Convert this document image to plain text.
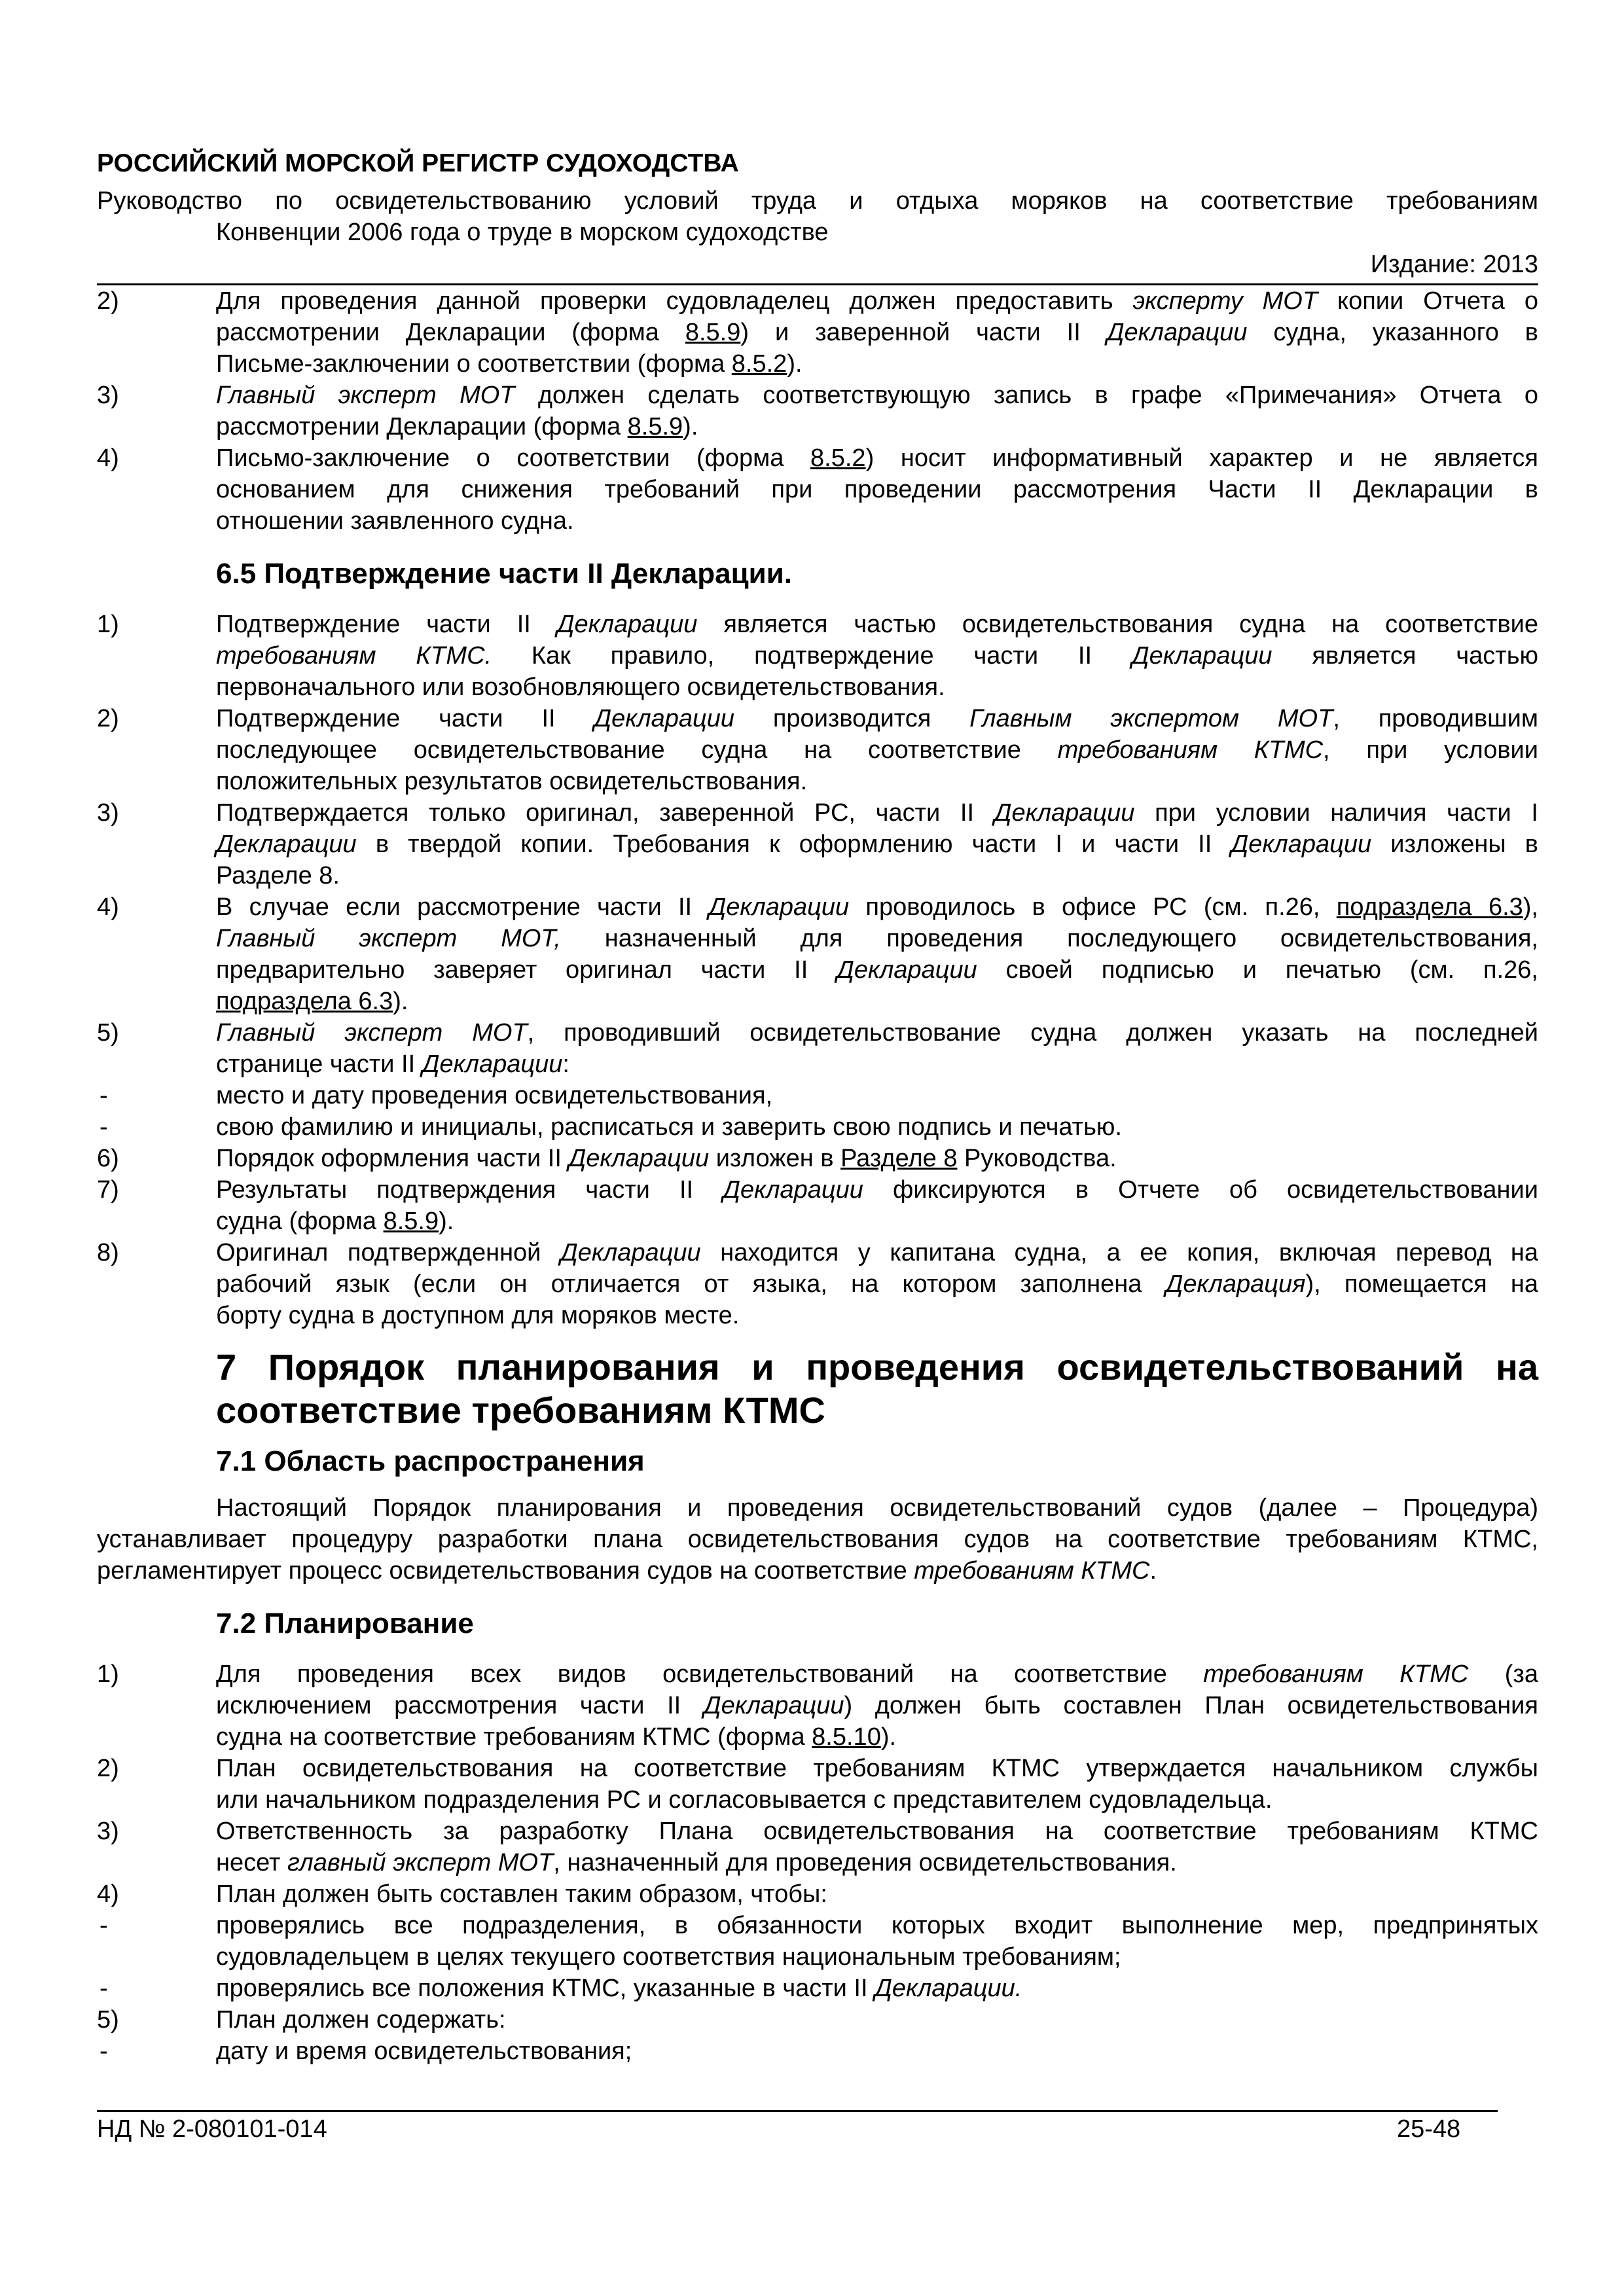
РОССИЙСКИЙ МОРСКОЙ РЕГИСТР СУДОХОДСТВА
Руководство по освидетельствованию условий труда и отдыха моряков на соответствие требованиям
Конвенции 2006 года о труде в морском судоходстве
Издание: 2013
2)	Для проведения данной проверки судовладелец должен предоставить эксперту МОТ копии Отчета о
рассмотрении Декларации (форма 8.5.9) и заверенной части II Декларации судна, указанного в
Письме-заключении о соответствии (форма 8.5.2).
3)	Главный эксперт МОТ должен сделать соответствующую запись в графе «Примечания» Отчета о
рассмотрении Декларации (форма 8.5.9).
4)	Письмо-заключение о соответствии (форма 8.5.2) носит информативный характер и не является
основанием для снижения требований при проведении рассмотрения Части II Декларации в
отношении заявленного судна.
6.5 Подтверждение части II Декларации.
1)	Подтверждение части II Декларации является частью освидетельствования судна на соответствие
требованиям КТМС. Как правило, подтверждение части II Декларации является частью
первоначального или возобновляющего освидетельствования.
2)	Подтверждение части II Декларации производится Главным экспертом МОТ, проводившим
последующее освидетельствование судна на соответствие требованиям КТМС, при условии
положительных результатов освидетельствования.
3)	Подтверждается только оригинал, заверенной РС, части II Декларации при условии наличия части I
Декларации в твердой копии. Требования к оформлению части I и части II Декларации изложены в
Разделе 8.
4)	В случае если рассмотрение части II Декларации проводилось в офисе РС (см. п.26, подраздела 6.3),
Главный эксперт МОТ, назначенный для проведения последующего освидетельствования,
предварительно заверяет оригинал части II Декларации своей подписью и печатью (см. п.26,
подраздела 6.3).
5)	Главный эксперт МОТ, проводивший освидетельствование судна должен указать на последней
странице части II Декларации:
-	место и дату проведения освидетельствования,
-	свою фамилию и инициалы, расписаться и заверить свою подпись и печатью.
6)	Порядок оформления части II Декларации изложен в Разделе 8 Руководства.
7)	Результаты подтверждения части II Декларации фиксируются в Отчете об освидетельствовании
судна (форма 8.5.9).
8)	Оригинал подтвержденной Декларации находится у капитана судна, а ее копия, включая перевод на
рабочий язык (если он отличается от языка, на котором заполнена Декларация), помещается на
борту судна в доступном для моряков месте.
7 Порядок планирования и проведения освидетельствований на
соответствие требованиям КТМС
7.1 Область распространения
Настоящий Порядок планирования и проведения освидетельствований судов (далее – Процедура)
устанавливает процедуру разработки плана освидетельствования судов на соответствие требованиям КТМС,
регламентирует процесс освидетельствования судов на соответствие требованиям КТМС.
7.2 Планирование
1)	Для проведения всех видов освидетельствований на соответствие требованиям КТМС (за
исключением рассмотрения части II Декларации) должен быть составлен План освидетельствования
судна на соответствие требованиям КТМС (форма 8.5.10).
2)	План освидетельствования на соответствие требованиям КТМС утверждается начальником службы
или начальником подразделения РС и согласовывается с представителем судовладельца.
3)	Ответственность за разработку Плана освидетельствования на соответствие требованиям КТМС
несет главный эксперт МОТ, назначенный для проведения освидетельствования.
4)	План должен быть составлен таким образом, чтобы:
-	проверялись все подразделения, в обязанности которых входит выполнение мер, предпринятых
судовладельцем в целях текущего соответствия национальным требованиям;
-	проверялись все положения КТМС, указанные в части II Декларации.
5)	План должен содержать:
-	дату и время освидетельствования;
НД № 2-080101-014	25-48
